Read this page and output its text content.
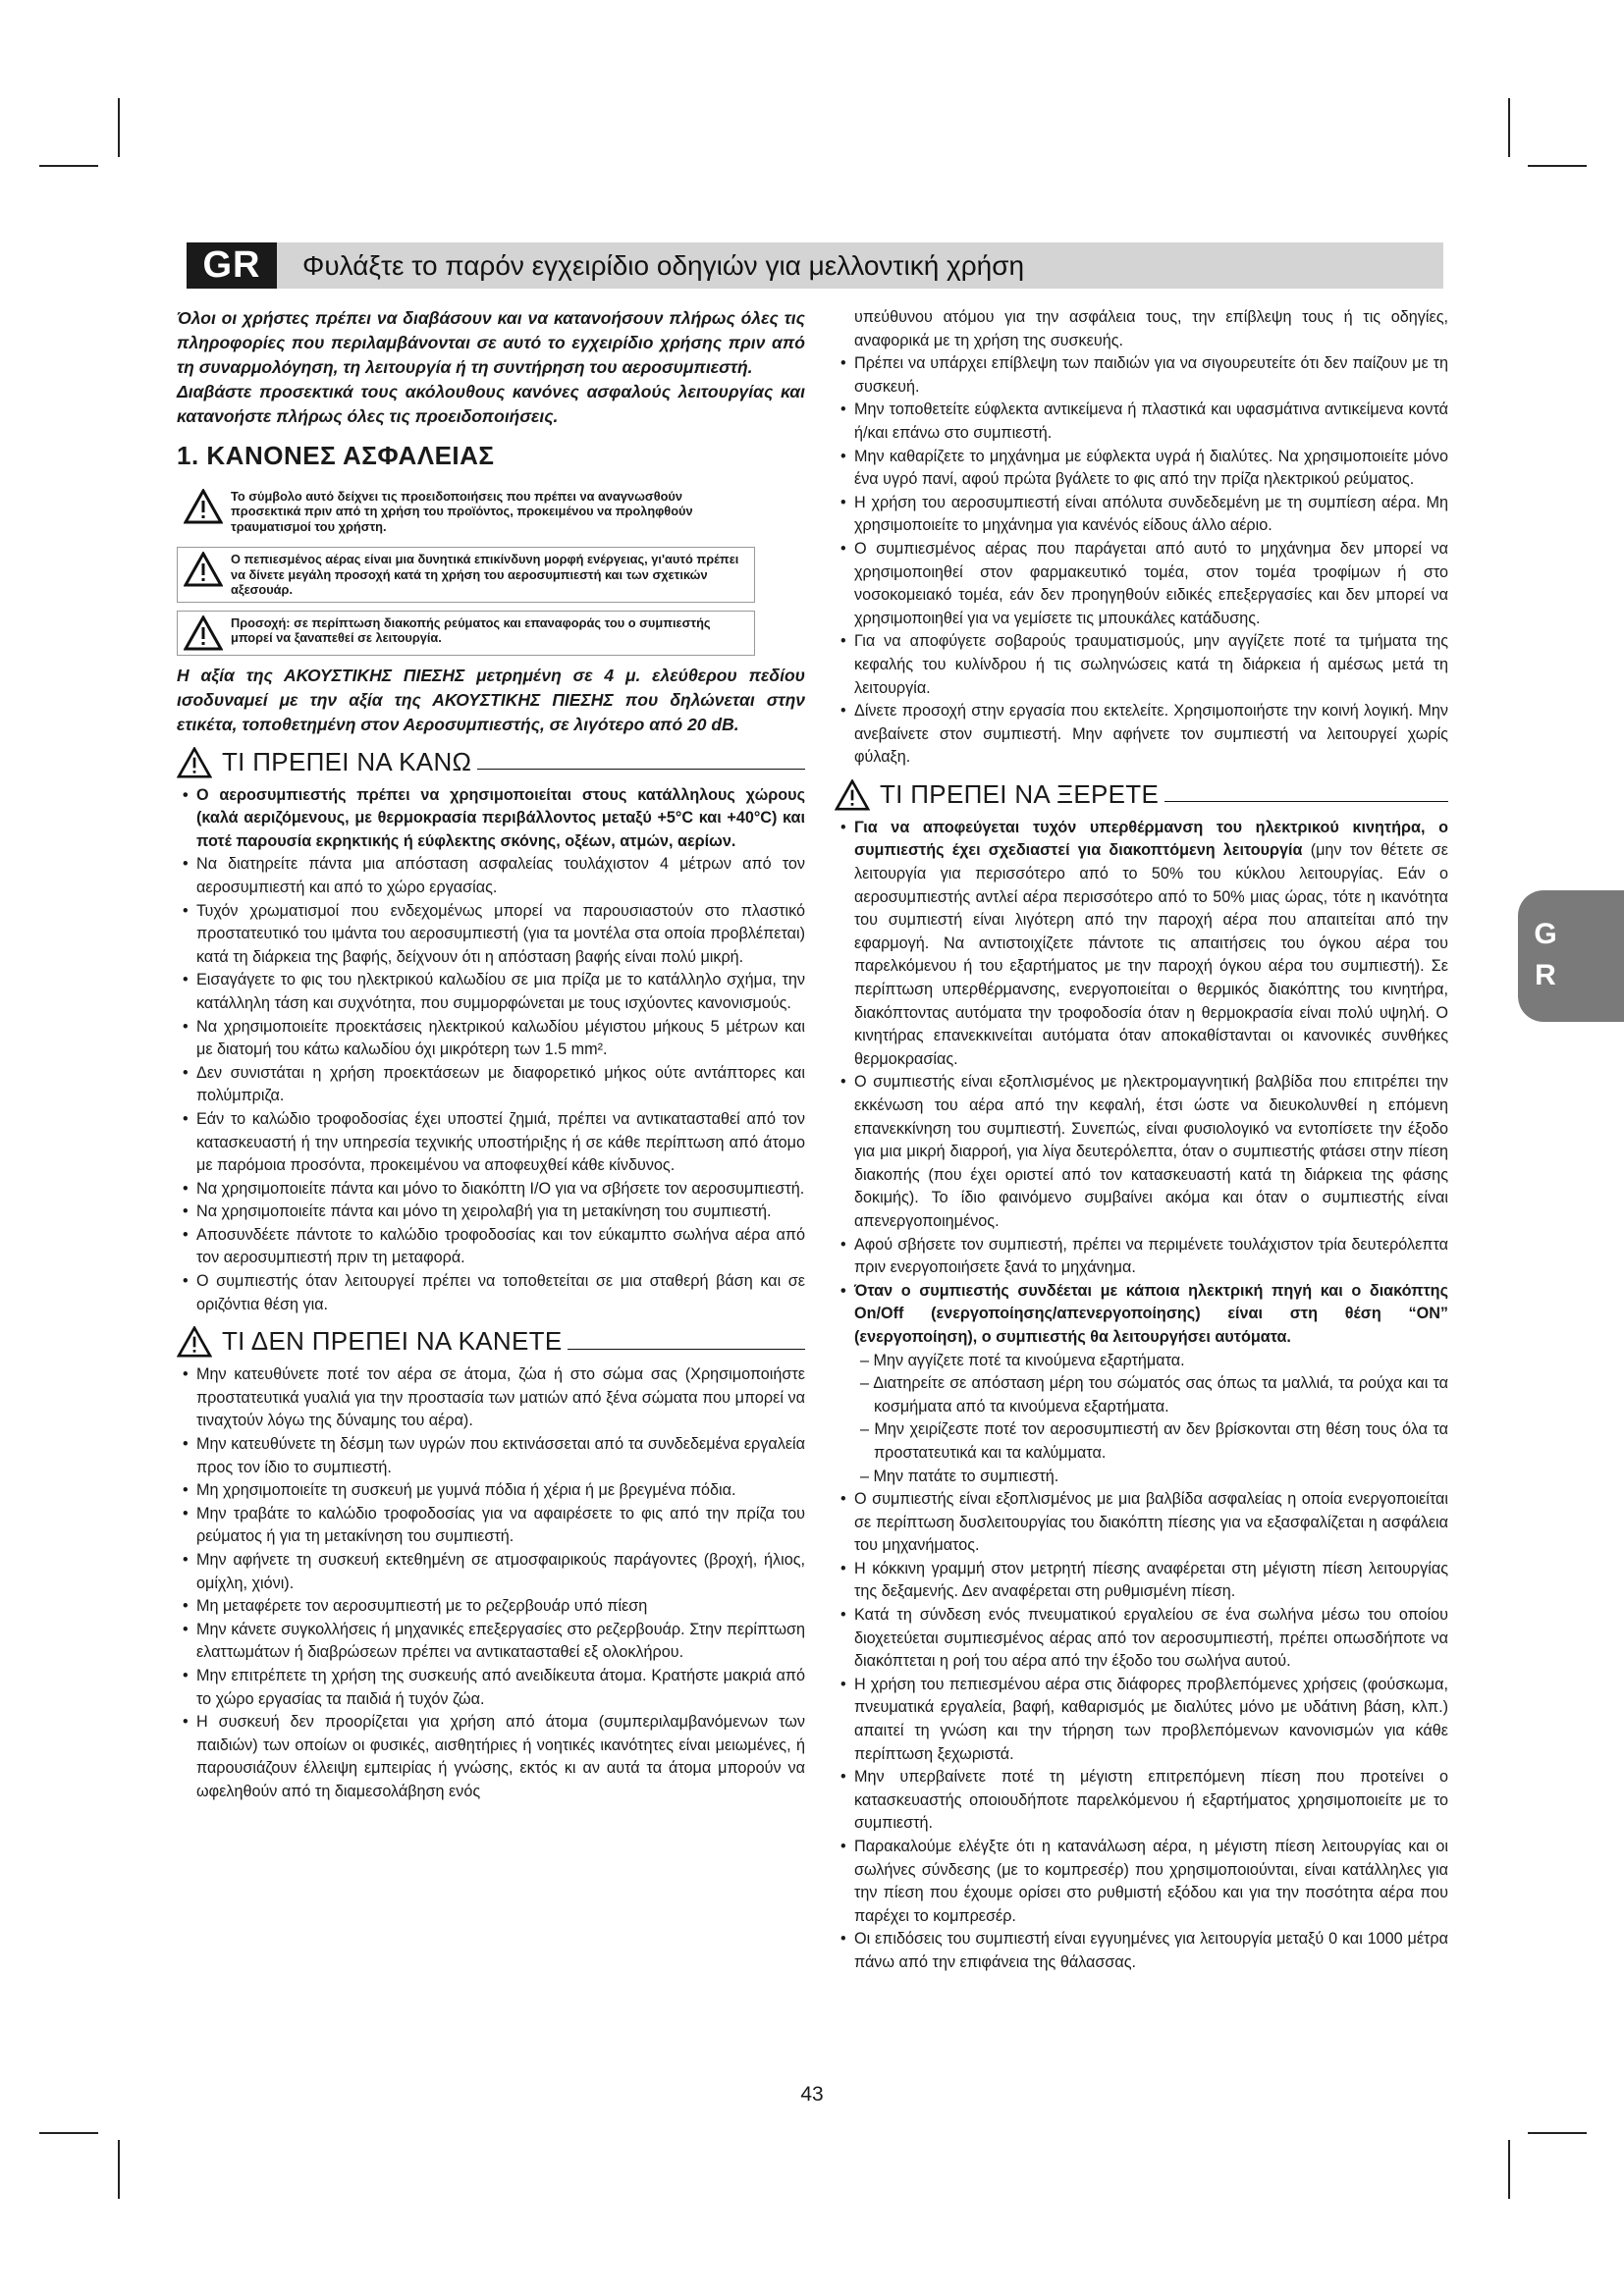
GR	Φυλάξτε το παρόν εγχειρίδιο οδηγιών για μελλοντική χρήση
G
R

Όλοι οι χρήστες πρέπει να διαβάσουν και να κατανοήσουν πλήρως όλες τις πληροφορίες που περιλαμβάνονται σε αυτό το εγχειρίδιο χρήσης πριν από τη συναρμολόγηση, τη λειτουργία ή τη συντήρηση του αεροσυμπιεστή.

Διαβάστε προσεκτικά τους ακόλουθους κανόνες ασφαλούς λειτουργίας και κατανοήστε πλήρως όλες τις προειδοποιήσεις.

1. ΚΑΝΟΝΕΣ ΑΣΦΑΛΕΙΑΣ
Το σύμβολο αυτό δείχνει τις προειδοποιήσεις που πρέπει να αναγνωσθούν προσεκτικά πριν από τη χρήση του προϊόντος, προκειμένου να προληφθούν τραυματισμοί του χρήστη.
Ο πεπιεσμένος αέρας είναι μια δυνητικά επικίνδυνη μορφή ενέργειας, γι'αυτό πρέπει να δίνετε μεγάλη προσοχή κατά τη χρήση του αεροσυμπιεστή και των σχετικών αξεσουάρ.
Προσοχή: σε περίπτωση διακοπής ρεύματος και επαναφοράς του ο συμπιεστής μπορεί να ξαναπεθεί σε λειτουργία.

Η αξία της ΑΚΟΥΣΤΙΚΗΣ ΠΙΕΣΗΣ μετρημένη σε 4 μ. ελεύθερου πεδίου ισοδυναμεί με την αξία της ΑΚΟΥΣΤΙΚΗΣ ΠΙΕΣΗΣ που δηλώνεται στην ετικέτα, τοποθετημένη στον Αεροσυμπιεστής, σε λιγότερο από 20 dB.

ΤΙ ΠΡΕΠΕΙ ΝΑ ΚΑΝΩ

• Ο αεροσυμπιεστής πρέπει να χρησιμοποιείται στους κατάλληλους χώρους (καλά αεριζόμενους, με θερμοκρασία περιβάλλοντος μεταξύ +5°C και +40°C) και ποτέ παρουσία εκρηκτικής ή εύφλεκτης σκόνης, οξέων, ατμών, αερίων.

• Να διατηρείτε πάντα μια απόσταση ασφαλείας τουλάχιστον 4 μέτρων από τον αεροσυμπιεστή και από το χώρο εργασίας.

• Τυχόν χρωματισμοί που ενδεχομένως μπορεί να παρουσιαστούν στο πλαστικό προστατευτικό του ιμάντα του αεροσυμπιεστή (για τα μοντέλα στα οποία προβλέπεται) κατά τη διάρκεια της βαφής, δείχνουν ότι η απόσταση βαφής είναι πολύ μικρή.

• Εισαγάγετε το φις του ηλεκτρικού καλωδίου σε μια πρίζα με το κατάλληλο σχήμα, την κατάλληλη τάση και συχνότητα, που συμμορφώνεται με τους ισχύοντες κανονισμούς.

• Να χρησιμοποιείτε προεκτάσεις ηλεκτρικού καλωδίου μέγιστου μήκους 5 μέτρων και με διατομή του κάτω καλωδίου όχι μικρότερη των 1.5 mm².

• Δεν συνιστάται η χρήση προεκτάσεων με διαφορετικό μήκος ούτε αντάπτορες και πολύμπριζα.

• Εάν το καλώδιο τροφοδοσίας έχει υποστεί ζημιά, πρέπει να αντικατασταθεί από τον κατασκευαστή ή την υπηρεσία τεχνικής υποστήριξης ή σε κάθε περίπτωση από άτομο με παρόμοια προσόντα, προκειμένου να αποφευχθεί κάθε κίνδυνος.

• Να χρησιμοποιείτε πάντα και μόνο το διακόπτη I/O για να σβήσετε τον αεροσυμπιεστή.

• Να χρησιμοποιείτε πάντα και μόνο τη χειρολαβή για τη μετακίνηση του συμπιεστή.

• Αποσυνδέετε πάντοτε το καλώδιο τροφοδοσίας και τον εύκαμπτο σωλήνα αέρα από τον αεροσυμπιεστή πριν τη μεταφορά.

• Ο συμπιεστής όταν λειτουργεί πρέπει να τοποθετείται σε μια σταθερή βάση και σε οριζόντια θέση για.

ΤΙ ΔΕΝ ΠΡΕΠΕΙ ΝΑ ΚΑΝΕΤΕ

• Μην κατευθύνετε ποτέ τον αέρα σε άτομα, ζώα ή στο σώμα σας (Χρησιμοποιήστε προστατευτικά γυαλιά για την προστασία των ματιών από ξένα σώματα που μπορεί να τιναχτούν λόγω της δύναμης του αέρα).

• Μην κατευθύνετε τη δέσμη των υγρών που εκτινάσσεται από τα συνδεδεμένα εργαλεία προς τον ίδιο το συμπιεστή.

• Μη χρησιμοποιείτε τη συσκευή με γυμνά πόδια ή χέρια ή με βρεγμένα πόδια.

• Μην τραβάτε το καλώδιο τροφοδοσίας για να αφαιρέσετε το φις από την πρίζα του ρεύματος ή για τη μετακίνηση του συμπιεστή.

• Μην αφήνετε τη συσκευή εκτεθημένη σε ατμοσφαιρικούς παράγοντες (βροχή, ήλιος, ομίχλη, χιόνι).

• Μη μεταφέρετε τον αεροσυμπιεστή με το ρεζερβουάρ υπό πίεση

• Μην κάνετε συγκολλήσεις ή μηχανικές επεξεργασίες στο ρεζερβουάρ. Στην περίπτωση ελαττωμάτων ή διαβρώσεων πρέπει να αντικατασταθεί εξ ολοκλήρου.

• Μην επιτρέπετε τη χρήση της συσκευής από ανειδίκευτα άτομα. Κρατήστε μακριά από το χώρο εργασίας τα παιδιά ή τυχόν ζώα.

• Η συσκευή δεν προορίζεται για χρήση από άτομα (συμπεριλαμβανόμενων των παιδιών) των οποίων οι φυσικές, αισθητήριες ή νοητικές ικανότητες είναι μειωμένες, ή παρουσιάζουν έλλειψη εμπειρίας ή γνώσης, εκτός κι αν αυτά τα άτομα μπορούν να ωφεληθούν από τη διαμεσολάβηση ενός

υπεύθυνου ατόμου για την ασφάλεια τους, την επίβλεψη τους ή τις οδηγίες, αναφορικά με τη χρήση της συσκευής.

• Πρέπει να υπάρχει επίβλεψη των παιδιών για να σιγουρευτείτε ότι δεν παίζουν με τη συσκευή.

• Μην τοποθετείτε εύφλεκτα αντικείμενα ή πλαστικά και υφασμάτινα αντικείμενα κοντά ή/και επάνω στο συμπιεστή.

• Μην καθαρίζετε το μηχάνημα με εύφλεκτα υγρά ή διαλύτες. Να χρησιμοποιείτε μόνο ένα υγρό πανί, αφού πρώτα βγάλετε το φις από την πρίζα ηλεκτρικού ρεύματος.

• Η χρήση του αεροσυμπιεστή είναι απόλυτα συνδεδεμένη με τη συμπίεση αέρα. Μη χρησιμοποιείτε το μηχάνημα για κανένός είδους άλλο αέριο.

• Ο συμπιεσμένος αέρας που παράγεται από αυτό το μηχάνημα δεν μπορεί να χρησιμοποιηθεί στον φαρμακευτικό τομέα, στον τομέα τροφίμων ή στο νοσοκομειακό τομέα, εάν δεν προηγηθούν ειδικές επεξεργασίες και δεν μπορεί να χρησιμοποιηθεί για να γεμίσετε τις μπουκάλες κατάδυσης.

• Για να αποφύγετε σοβαρούς τραυματισμούς, μην αγγίζετε ποτέ τα τμήματα της κεφαλής του κυλίνδρου ή τις σωληνώσεις κατά τη διάρκεια ή αμέσως μετά τη λειτουργία.

• Δίνετε προσοχή στην εργασία που εκτελείτε. Χρησιμοποιήστε την κοινή λογική. Μην ανεβαίνετε στον συμπιεστή. Μην αφήνετε τον συμπιεστή να λειτουργεί χωρίς φύλαξη.

ΤΙ ΠΡΕΠΕΙ ΝΑ ΞΕΡΕΤΕ

• Για να αποφεύγεται τυχόν υπερθέρμανση του ηλεκτρικού κινητήρα, ο συμπιεστής έχει σχεδιαστεί για διακοπτόμενη λειτουργία (μην τον θέτετε σε λειτουργία για περισσότερο από το 50% του κύκλου λειτουργίας. Εάν ο αεροσυμπιεστής αντλεί αέρα περισσότερο από το 50% μιας ώρας, τότε η ικανότητα του συμπιεστή είναι λιγότερη από την παροχή αέρα που απαιτείται από την εφαρμογή. Να αντιστοιχίζετε πάντοτε τις απαιτήσεις του όγκου αέρα του παρελκόμενου ή του εξαρτήματος με την παροχή όγκου αέρα του συμπιεστή). Σε περίπτωση υπερθέρμανσης, ενεργοποιείται ο θερμικός διακόπτης του κινητήρα, διακόπτοντας αυτόματα την τροφοδοσία όταν η θερμοκρασία είναι πολύ υψηλή. Ο κινητήρας επανεκκινείται αυτόματα όταν αποκαθίστανται οι κανονικές συνθήκες θερμοκρασίας.

• Ο συμπιεστής είναι εξοπλισμένος με ηλεκτρομαγνητική βαλβίδα που επιτρέπει την εκκένωση του αέρα από την κεφαλή, έτσι ώστε να διευκολυνθεί η επόμενη επανεκκίνηση του συμπιεστή. Συνεπώς, είναι φυσιολογικό να εντοπίσετε την έξοδο για μια μικρή διαρροή, για λίγα δευτερόλεπτα, όταν ο συμπιεστής φτάσει στην πίεση διακοπής (που έχει οριστεί από τον κατασκευαστή κατά τη διάρκεια της φάσης δοκιμής). Το ίδιο φαινόμενο συμβαίνει ακόμα και όταν ο συμπιεστής είναι απενεργοποιημένος.

• Αφού σβήσετε τον συμπιεστή, πρέπει να περιμένετε τουλάχιστον τρία δευτερόλεπτα πριν ενεργοποιήσετε ξανά το μηχάνημα.

• Όταν ο συμπιεστής συνδέεται με κάποια ηλεκτρική πηγή και ο διακόπτης On/Off (ενεργοποίησης/απενεργοποίησης) είναι στη θέση “ON” (ενεργοποίηση), ο συμπιεστής θα λειτουργήσει αυτόματα.

– Μην αγγίζετε ποτέ τα κινούμενα εξαρτήματα.

– Διατηρείτε σε απόσταση μέρη του σώματός σας όπως τα μαλλιά, τα ρούχα και τα κοσμήματα από τα κινούμενα εξαρτήματα.

– Μην χειρίζεστε ποτέ τον αεροσυμπιεστή αν δεν βρίσκονται στη θέση τους όλα τα προστατευτικά και τα καλύμματα.

– Μην πατάτε το συμπιεστή.

• Ο συμπιεστής είναι εξοπλισμένος με μια βαλβίδα ασφαλείας η οποία ενεργοποιείται σε περίπτωση δυσλειτουργίας του διακόπτη πίεσης για να εξασφαλίζεται η ασφάλεια του μηχανήματος.

• Η κόκκινη γραμμή στον μετρητή πίεσης αναφέρεται στη μέγιστη πίεση λειτουργίας της δεξαμενής. Δεν αναφέρεται στη ρυθμισμένη πίεση.

• Κατά τη σύνδεση ενός πνευματικού εργαλείου σε ένα σωλήνα μέσω του οποίου διοχετεύεται συμπιεσμένος αέρας από τον αεροσυμπιεστή, πρέπει οπωσδήποτε να διακόπτεται η ροή του αέρα από την έξοδο του σωλήνα αυτού.

• Η χρήση του πεπιεσμένου αέρα στις διάφορες προβλεπόμενες χρήσεις (φούσκωμα, πνευματικά εργαλεία, βαφή, καθαρισμός με διαλύτες μόνο με υδάτινη βάση, κλπ.) απαιτεί τη γνώση και την τήρηση των προβλεπόμενων κανονισμών για κάθε περίπτωση ξεχωριστά.

• Μην υπερβαίνετε ποτέ τη μέγιστη επιτρεπόμενη πίεση που προτείνει ο κατασκευαστής οποιουδήποτε παρελκόμενου ή εξαρτήματος χρησιμοποιείτε με το συμπιεστή.

• Παρακαλούμε ελέγξτε ότι η κατανάλωση αέρα, η μέγιστη πίεση λειτουργίας και οι σωλήνες σύνδεσης (με το κομπρεσέρ) που χρησιμοποιούνται, είναι κατάλληλες για την πίεση που έχουμε ορίσει στο ρυθμιστή εξόδου και για την ποσότητα αέρα που παρέχει το κομπρεσέρ.

• Οι επιδόσεις του συμπιεστή είναι εγγυημένες για λειτουργία μεταξύ 0 και 1000 μέτρα πάνω από την επιφάνεια της θάλασσας.

43
